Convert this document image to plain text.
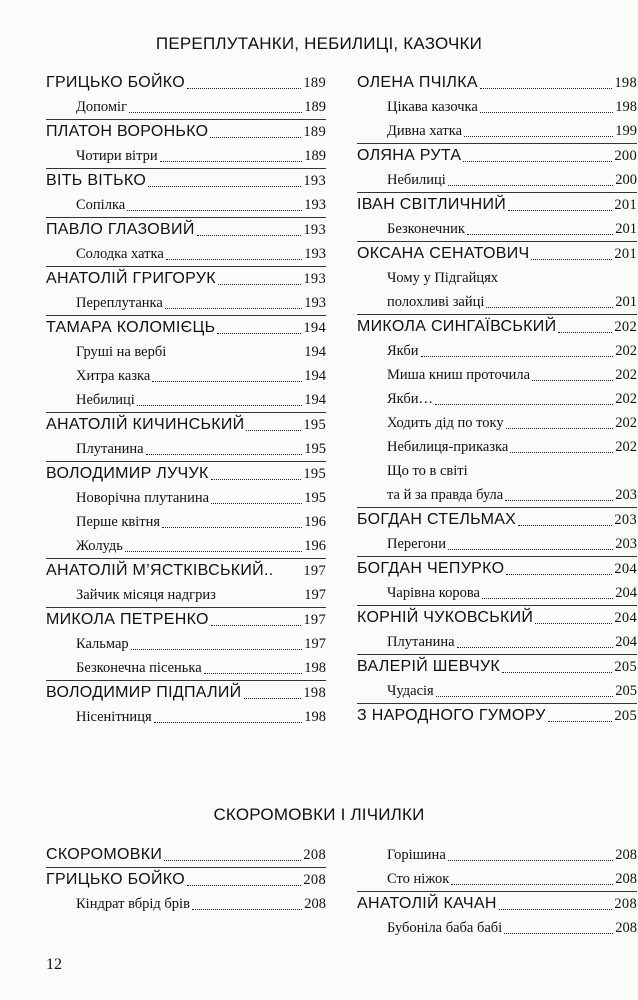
ПЕРЕПЛУТАНКИ, НЕБИЛИЦІ, КАЗОЧКИ
ГРИЦЬКО БОЙКО	189
Допоміг	189
ПЛАТОН ВОРОНЬКО	189
Чотири вітри	189
ВІТЬ ВІТЬКО	193
Сопілка	193
ПАВЛО ГЛАЗОВИЙ	193
Солодка хатка	193
АНАТОЛІЙ ГРИГОРУК	193
Переплутанка	193
ТАМАРА КОЛОМІЄЦЬ	194
Груші на вербі	194
Хитра казка	194
Небилиці	194
АНАТОЛІЙ КИЧИНСЬКИЙ	195
Плутанина	195
ВОЛОДИМИР ЛУЧУК	195
Новорічна плутанина	195
Перше квітня	196
Жолудь	196
АНАТОЛІЙ М’ЯСТКІВСЬКИЙ.. 197
Зайчик місяця надгриз	197
МИКОЛА ПЕТРЕНКО	197
Кальмар	197
Безконечна пісенька	198
ВОЛОДИМИР ПІДПАЛИЙ	198
Нісенітниця	198
ОЛЕНА ПЧІЛКА	198
Цікава казочка	198
Дивна хатка	199
ОЛЯНА РУТА	200
Небилиці	200
ІВАН СВІТЛИЧНИЙ	201
Безконечник	201
ОКСАНА СЕНАТОВИЧ	201
Чому у Підгайцях
полохливі зайці	201
МИКОЛА СИНГАЇВСЬКИЙ	202
Якби	202
Миша книш проточила	202
Якби…	202
Ходить дід по току	202
Небилиця-приказка	202
Що то в світі
та й за правда була	203
БОГДАН СТЕЛЬМАХ	203
Перегони	203
БОГДАН ЧЕПУРКО	204
Чарівна корова	204
КОРНІЙ ЧУКОВСЬКИЙ	204
Плутанина	204
ВАЛЕРІЙ ШЕВЧУК	205
Чудасія	205
З НАРОДНОГО ГУМОРУ	205
СКОРОМОВКИ І ЛІЧИЛКИ
СКОРОМОВКИ	208
ГРИЦЬКО БОЙКО	208
Кіндрат вбрід брів	208
Горішина	208
Сто ніжок	208
АНАТОЛІЙ КАЧАН	208
Бубоніла баба бабі	208
12
